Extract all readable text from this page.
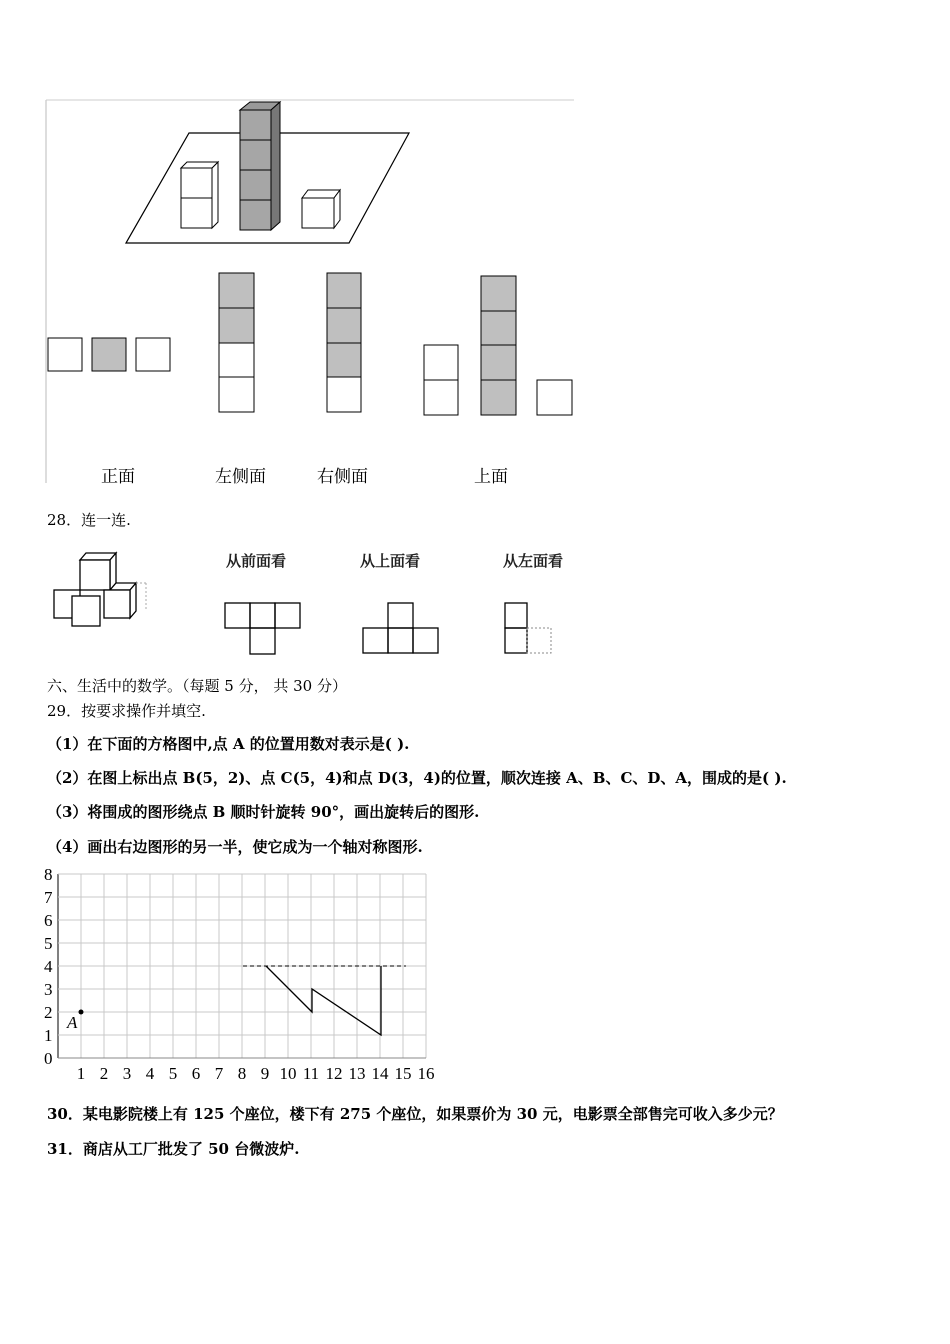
正面	左侧面	右侧面	上面
28．连一连.
从前面看	从上面看	从左面看
六、生活中的数学。（每题 5 分， 共 30 分）
29．按要求操作并填空.
（1）在下面的方格图中,点 A 的位置用数对表示是( ).
（2）在图上标出点 B(5，2)、点 C(5，4)和点 D(3，4)的位置，顺次连接 A、B、C、D、A，围成的是( ).
（3）将围成的图形绕点 B 顺时针旋转 90°，画出旋转后的图形.
（4）画出右边图形的另一半，使它成为一个轴对称图形.
A
8
7
6
5
4
3
2
1
0
1 2 3 4 5 6 7 8 9 10 11 12 13 14 15 16
30．某电影院楼上有 125 个座位，楼下有 275 个座位，如果票价为 30 元，电影票全部售完可收入多少元？
31．商店从工厂批发了 50 台微波炉.
